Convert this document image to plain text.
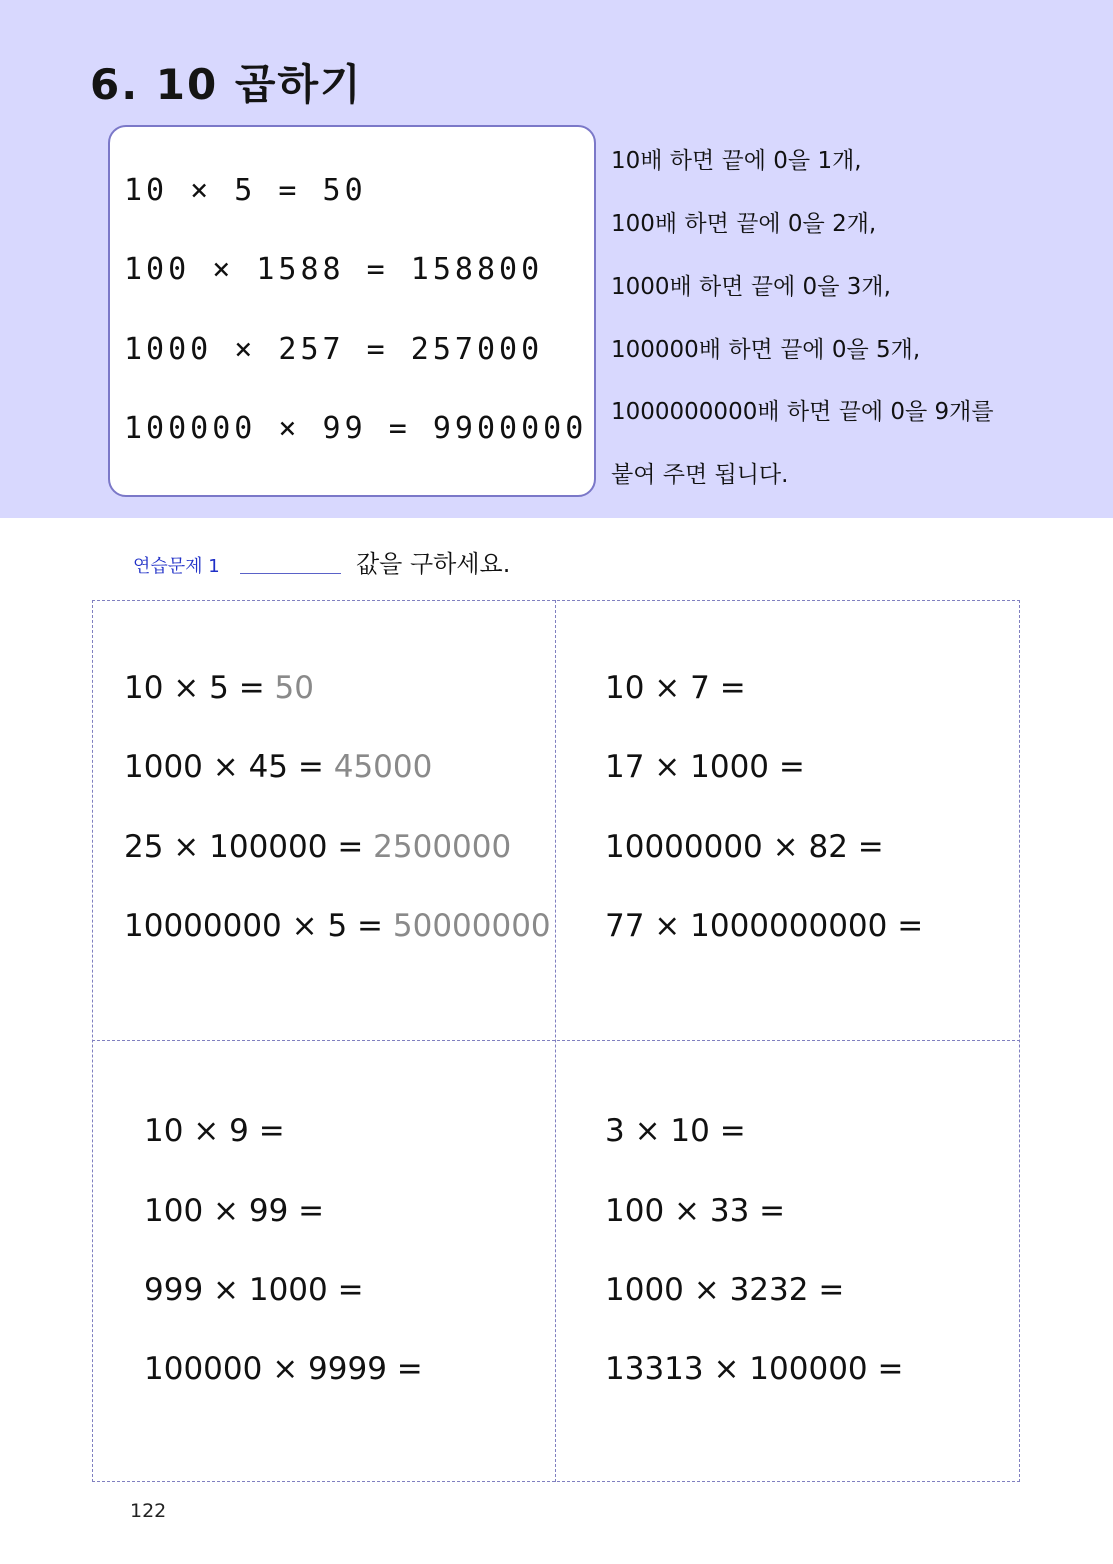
6. 10 곱하기
10 × 5 = 50
100 × 1588 = 158800
1000 × 257 = 257000
100000 × 99 = 9900000
10배 하면 끝에 0을 1개,
100배 하면 끝에 0을 2개,
1000배 하면 끝에 0을 3개,
100000배 하면 끝에 0을 5개,
1000000000배 하면 끝에 0을 9개를
붙여 주면 됩니다.
연습문제 1	값을 구하세요.
10 × 5 = 50
1000 × 45 = 45000
25 × 100000 = 2500000
10000000 × 5 = 50000000
10 × 7 =
17 × 1000 =
10000000 × 82 =
77 × 1000000000 =
10 × 9 =
100 × 99 =
999 × 1000 =
100000 × 9999 =
3 × 10 =
100 × 33 =
1000 × 3232 =
13313 × 100000 =
122
